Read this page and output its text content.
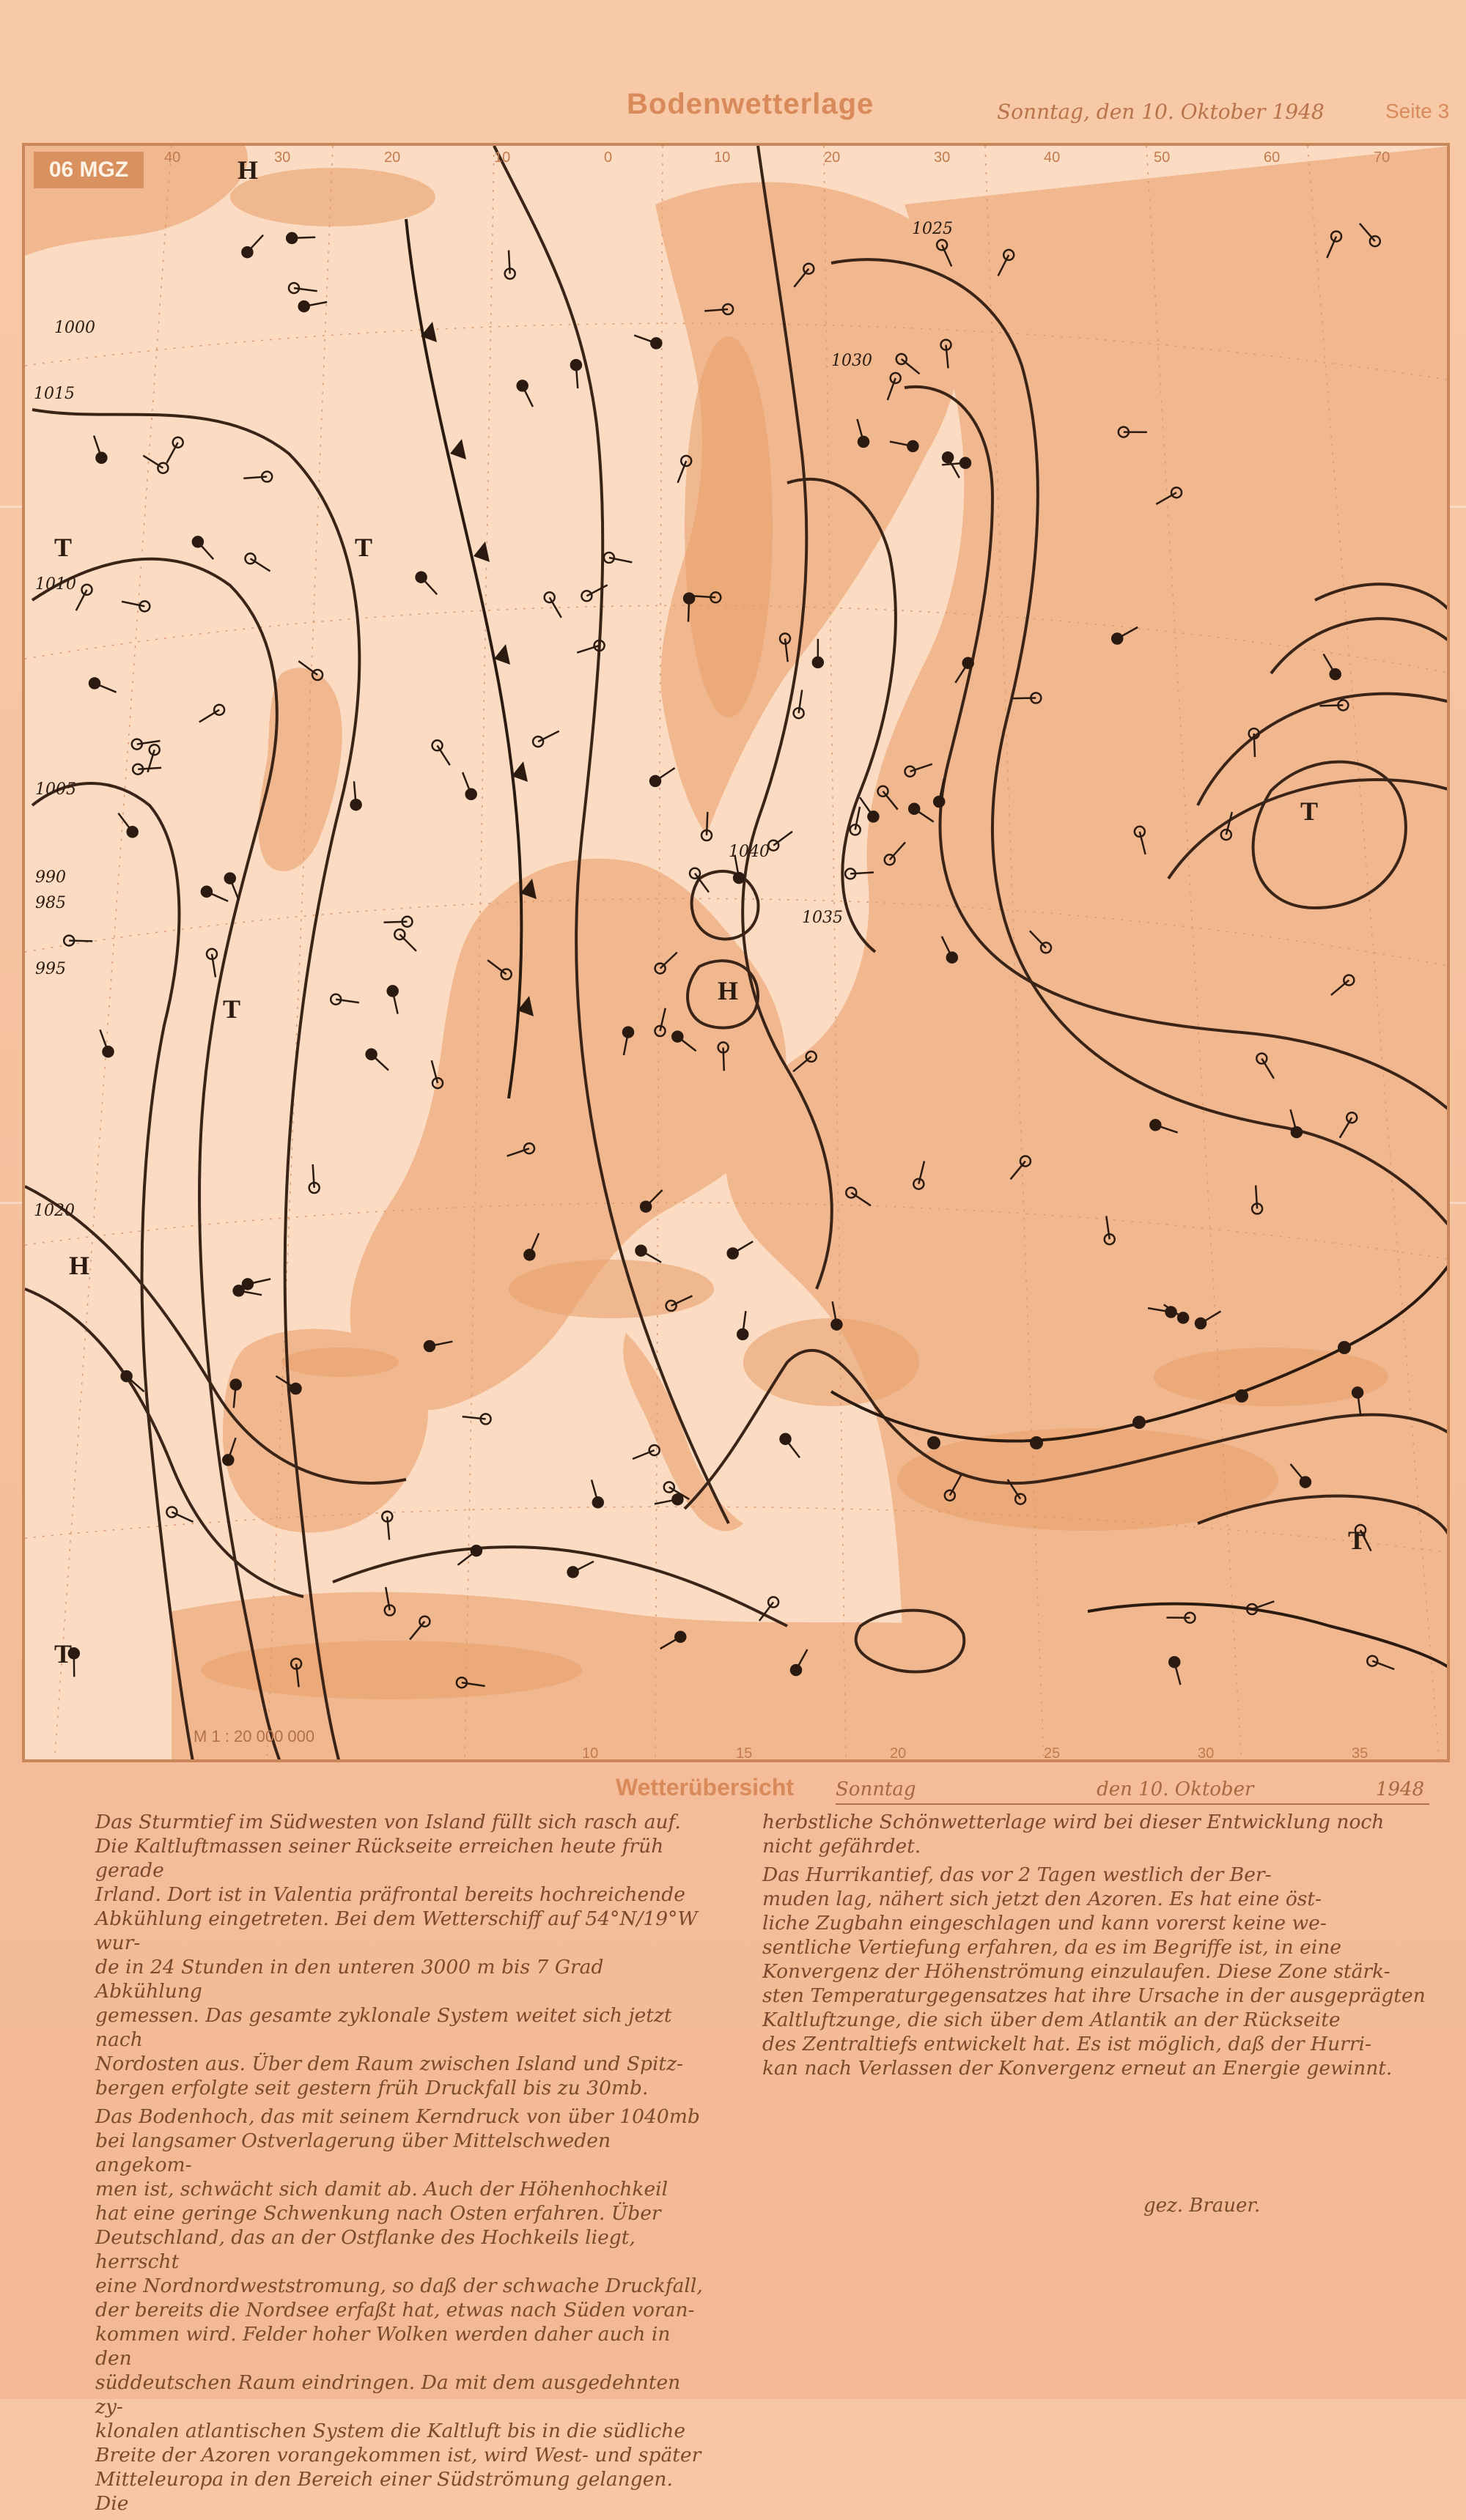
Bodenwetterlage	Sonntag, den 10. Oktober 1948	Seite 3
1015
1010
1005
1000
995
990
985
1020
1025
1030
1035
1040
T
H
T
H
T
T
H
T
T
40	30	20	10	0	10	20	30	40	50	60	70
10	15	20	25	30	35
06 MGZ
M 1 : 20 000 000
Wetterübersicht Sonntag	den 10. Oktober	1948

Das Sturmtief im Südwesten von Island füllt sich rasch auf.
Die Kaltluftmassen seiner Rückseite erreichen heute früh gerade
Irland. Dort ist in Valentia präfrontal bereits hochreichende
Abkühlung eingetreten. Bei dem Wetterschiff auf 54°N/19°W wur-
de in 24 Stunden in den unteren 3000 m bis 7 Grad Abkühlung
gemessen. Das gesamte zyklonale System weitet sich jetzt nach
Nordosten aus. Über dem Raum zwischen Island und Spitz-
bergen erfolgte seit gestern früh Druckfall bis zu 30mb.

Das Bodenhoch, das mit seinem Kerndruck von über 1040mb
bei langsamer Ostverlagerung über Mittelschweden angekom-
men ist, schwächt sich damit ab. Auch der Höhenhochkeil
hat eine geringe Schwenkung nach Osten erfahren. Über
Deutschland, das an der Ostflanke des Hochkeils liegt, herrscht
eine Nordnordweststromung, so daß der schwache Druckfall,
der bereits die Nordsee erfaßt hat, etwas nach Süden voran-
kommen wird. Felder hoher Wolken werden daher auch in den
süddeutschen Raum eindringen. Da mit dem ausgedehnten zy-
klonalen atlantischen System die Kaltluft bis in die südliche
Breite der Azoren vorangekommen ist, wird West- und später
Mitteleuropa in den Bereich einer Südströmung gelangen. Die

herbstliche Schönwetterlage wird bei dieser Entwicklung noch
nicht gefährdet.

Das Hurrikantief, das vor 2 Tagen westlich der Ber-
muden lag, nähert sich jetzt den Azoren. Es hat eine öst-
liche Zugbahn eingeschlagen und kann vorerst keine we-
sentliche Vertiefung erfahren, da es im Begriffe ist, in eine
Konvergenz der Höhenströmung einzulaufen. Diese Zone stärk-
sten Temperaturgegensatzes hat ihre Ursache in der ausgeprägten
Kaltluftzunge, die sich über dem Atlantik an der Rückseite
des Zentraltiefs entwickelt hat. Es ist möglich, daß der Hurri-
kan nach Verlassen der Konvergenz erneut an Energie gewinnt.

gez. Brauer.
